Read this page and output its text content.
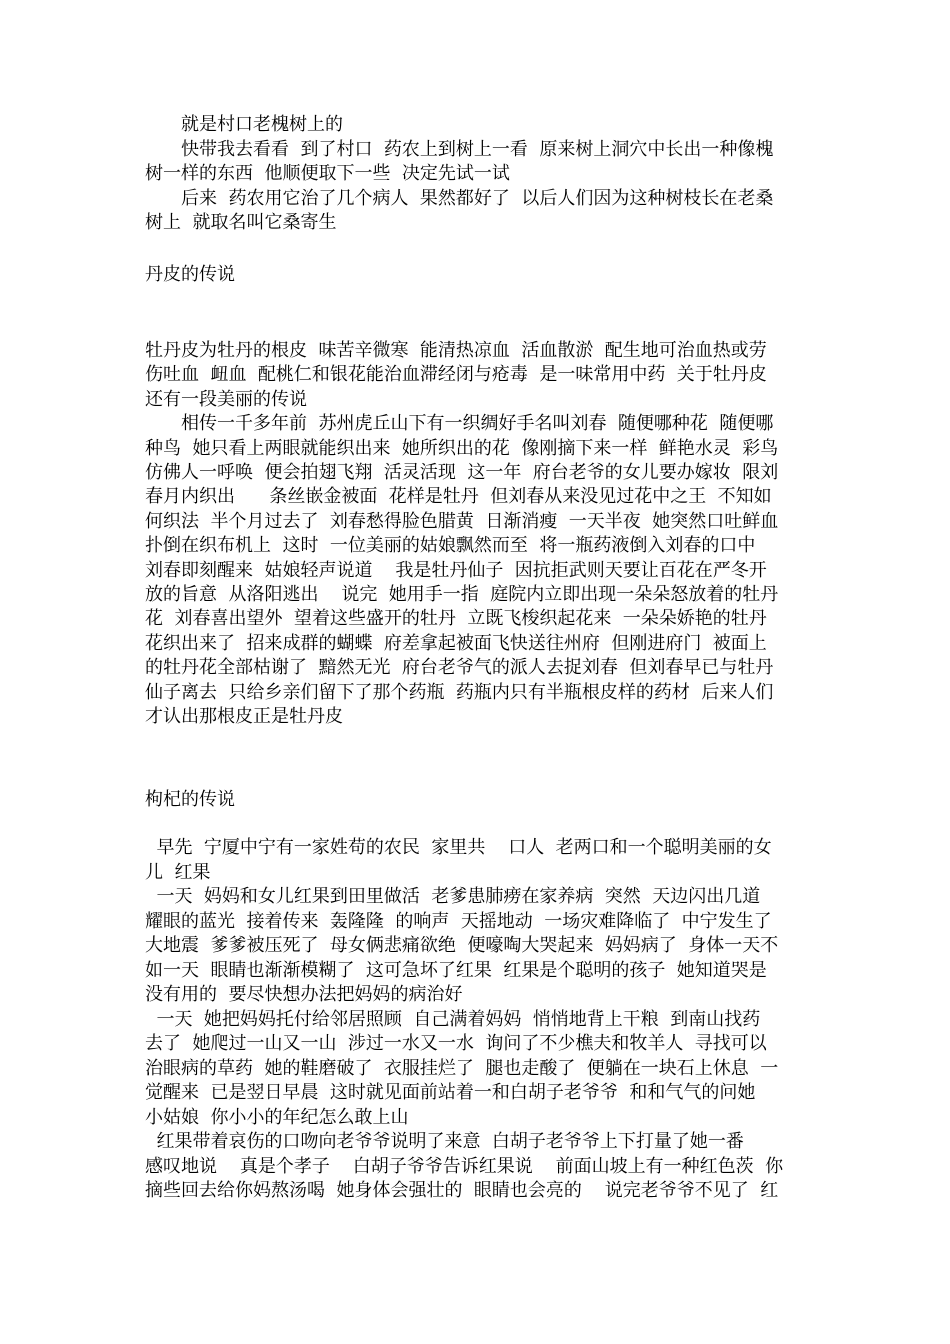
　　就是村口老槐树上的
　　快带我去看看  到了村口  药农上到树上一看  原来树上洞穴中长出一种像槐
树一样的东西  他顺便取下一些  决定先试一试
　　后来  药农用它治了几个病人  果然都好了  以后人们因为这种树枝长在老桑
树上  就取名叫它桑寄生
丹皮的传说
牡丹皮为牡丹的根皮  味苦辛微寒  能清热凉血  活血散淤  配生地可治血热或劳
伤吐血  衄血  配桃仁和银花能治血滞经闭与疮毒  是一味常用中药  关于牡丹皮
还有一段美丽的传说
　　相传一千多年前  苏州虎丘山下有一织绸好手名叫刘春  随便哪种花  随便哪
种鸟  她只看上两眼就能织出来  她所织出的花  像刚摘下来一样  鲜艳水灵  彩鸟
仿佛人一呼唤  便会拍翅飞翔  活灵活现  这一年  府台老爷的女儿要办嫁妆  限刘
春月内织出      条丝嵌金被面  花样是牡丹  但刘春从来没见过花中之王  不知如
何织法  半个月过去了  刘春愁得脸色腊黄  日渐消瘦  一天半夜  她突然口吐鲜血
扑倒在织布机上  这时  一位美丽的姑娘飘然而至  将一瓶药液倒入刘春的口中
刘春即刻醒来  姑娘轻声说道    我是牡丹仙子  因抗拒武则天要让百花在严冬开
放的旨意  从洛阳逃出    说完  她用手一指  庭院内立即出现一朵朵怒放着的牡丹
花  刘春喜出望外  望着这些盛开的牡丹  立既飞梭织起花来  一朵朵娇艳的牡丹
花织出来了  招来成群的蝴蝶  府差拿起被面飞快送往州府  但刚进府门  被面上
的牡丹花全部枯谢了  黯然无光  府台老爷气的派人去捉刘春  但刘春早已与牡丹
仙子离去  只给乡亲们留下了那个药瓶  药瓶内只有半瓶根皮样的药材  后来人们
才认出那根皮正是牡丹皮
枸杞的传说
早先  宁厦中宁有一家姓苟的农民  家里共    口人  老两口和一个聪明美丽的女
儿  红果
一天  妈妈和女儿红果到田里做活  老爹患肺痨在家养病  突然  天边闪出几道
耀眼的蓝光  接着传来  轰隆隆  的响声  天摇地动  一场灾难降临了  中宁发生了
大地震  爹爹被压死了  母女俩悲痛欲绝  便嚎啕大哭起来  妈妈病了  身体一天不
如一天  眼睛也渐渐模糊了  这可急坏了红果  红果是个聪明的孩子  她知道哭是
没有用的  要尽快想办法把妈妈的病治好
一天  她把妈妈托付给邻居照顾  自己满着妈妈  悄悄地背上干粮  到南山找药
去了  她爬过一山又一山  涉过一水又一水  询问了不少樵夫和牧羊人  寻找可以
治眼病的草药  她的鞋磨破了  衣服挂烂了  腿也走酸了  便躺在一块石上休息  一
觉醒来  已是翌日早晨  这时就见面前站着一和白胡子老爷爷  和和气气的问她
小姑娘  你小小的年纪怎么敢上山
红果带着哀伤的口吻向老爷爷说明了来意  白胡子老爷爷上下打量了她一番
感叹地说    真是个孝子    白胡子爷爷告诉红果说    前面山坡上有一种红色茨  你
摘些回去给你妈熬汤喝  她身体会强壮的  眼睛也会亮的    说完老爷爷不见了  红
